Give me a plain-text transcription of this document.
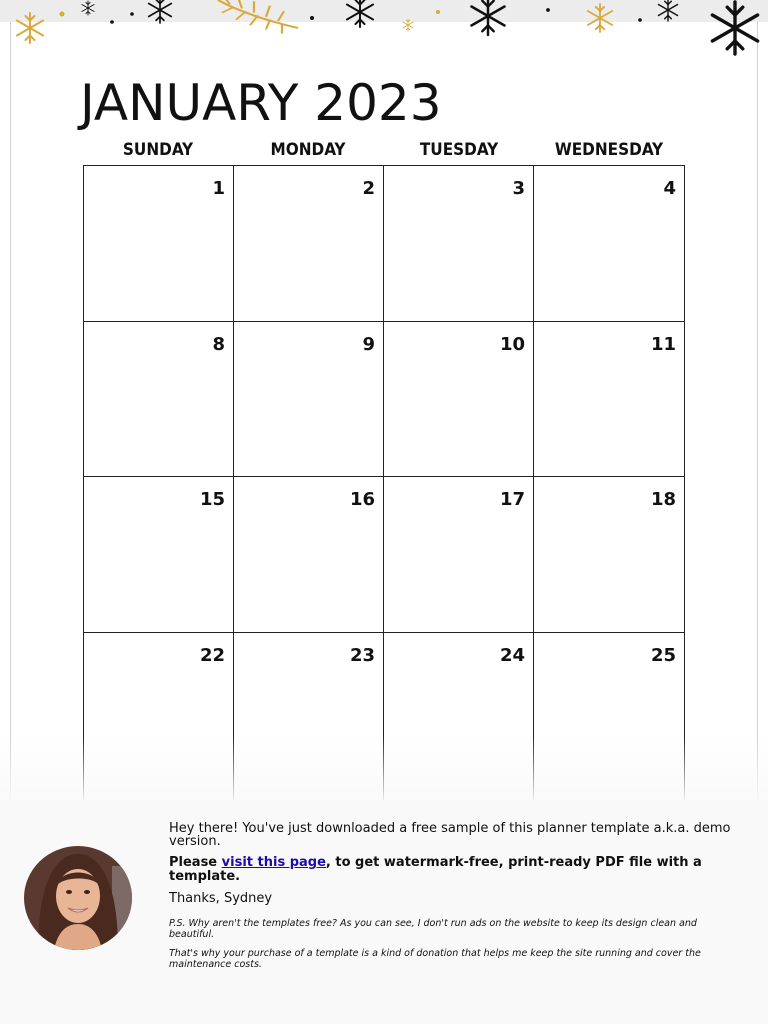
JANUARY 2023
SUNDAY	MONDAY	TUESDAY	WEDNESDAY
1	2	3	4
8	9	10	11
15	16	17	18
22	23	24	25

Hey there! You've just downloaded a free sample of this planner template a.k.a. demo version.

Please visit this page, to get watermark-free, print-ready PDF file with a template.

Thanks, Sydney

P.S. Why aren't the templates free? As you can see, I don't run ads on the website to keep its design clean and beautiful.

That's why your purchase of a template is a kind of donation that helps me keep the site running and cover the maintenance costs.
